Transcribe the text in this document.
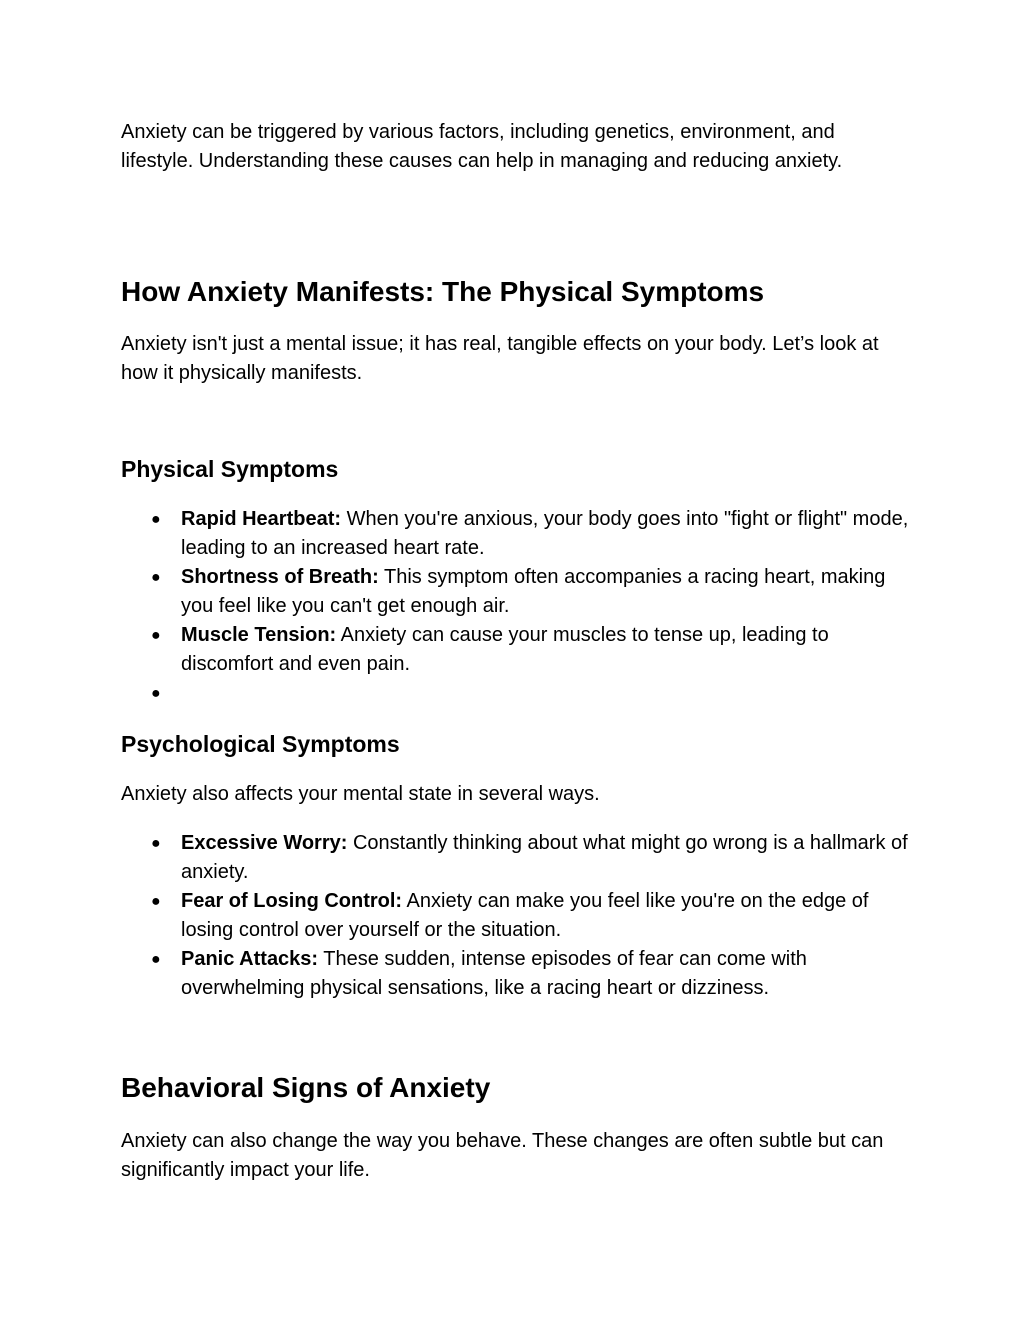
Anxiety can be triggered by various factors, including genetics, environment, and lifestyle. Understanding these causes can help in managing and reducing anxiety.

How Anxiety Manifests: The Physical Symptoms

Anxiety isn't just a mental issue; it has real, tangible effects on your body. Let’s look at how it physically manifests.

Physical Symptoms
● Rapid Heartbeat: When you're anxious, your body goes into "fight or flight" mode, leading to an increased heart rate.
● Shortness of Breath: This symptom often accompanies a racing heart, making you feel like you can't get enough air.
● Muscle Tension: Anxiety can cause your muscles to tense up, leading to discomfort and even pain.
●
Psychological Symptoms

Anxiety also affects your mental state in several ways.

● Excessive Worry: Constantly thinking about what might go wrong is a hallmark of anxiety.
● Fear of Losing Control: Anxiety can make you feel like you're on the edge of losing control over yourself or the situation.
● Panic Attacks: These sudden, intense episodes of fear can come with overwhelming physical sensations, like a racing heart or dizziness.
Behavioral Signs of Anxiety

Anxiety can also change the way you behave. These changes are often subtle but can significantly impact your life.
